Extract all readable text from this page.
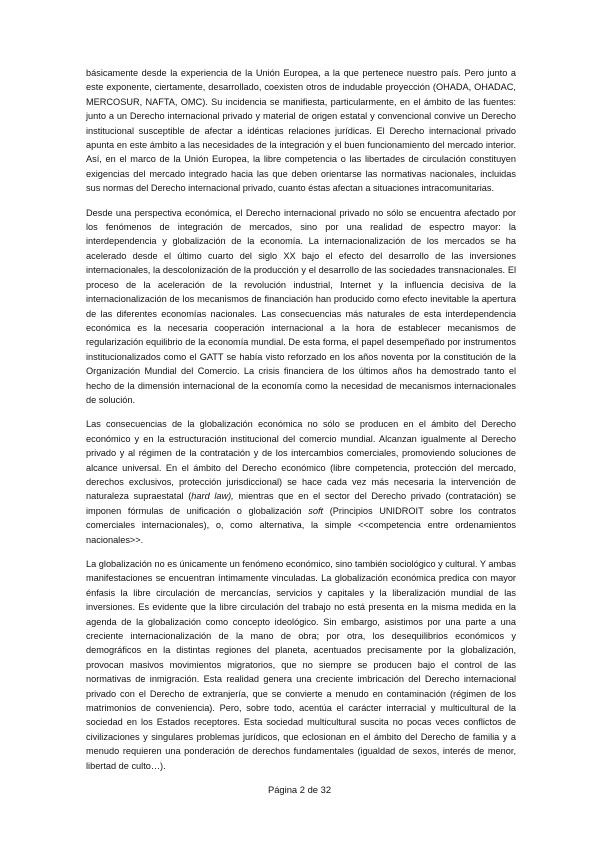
básicamente desde la experiencia de la Unión Europea, a la que pertenece nuestro país. Pero junto a este exponente, ciertamente, desarrollado, coexisten otros de indudable proyección (OHADA, OHADAC, MERCOSUR, NAFTA, OMC). Su incidencia se manifiesta, particularmente, en el ámbito de las fuentes: junto a un Derecho internacional privado y material de origen estatal y convencional convive un Derecho institucional susceptible de afectar a idénticas relaciones jurídicas. El Derecho internacional privado apunta en este ámbito a las necesidades de la integración y el buen funcionamiento del mercado interior. Así, en el marco de la Unión Europea, la libre competencia o las libertades de circulación constituyen exigencias del mercado integrado hacia las que deben orientarse las normativas nacionales, incluidas sus normas del Derecho internacional privado, cuanto éstas afectan a situaciones intracomunitarias.

Desde una perspectiva económica, el Derecho internacional privado no sólo se encuentra afectado por los fenómenos de integración de mercados, sino por una realidad de espectro mayor: la interdependencia y globalización de la economía. La internacionalización de los mercados se ha acelerado desde el último cuarto del siglo XX bajo el efecto del desarrollo de las inversiones internacionales, la descolonización de la producción y el desarrollo de las sociedades transnacionales. El proceso de la aceleración de la revolución industrial, Internet y la influencia decisiva de la internacionalización de los mecanismos de financiación han producido como efecto inevitable la apertura de las diferentes economías nacionales. Las consecuencias más naturales de esta interdependencia económica es la necesaria cooperación internacional a la hora de establecer mecanismos de regularización equilibrio de la economía mundial. De esta forma, el papel desempeñado por instrumentos institucionalizados como el GATT se había visto reforzado en los años noventa por la constitución de la Organización Mundial del Comercio. La crisis financiera de los últimos años ha demostrado tanto el hecho de la dimensión internacional de la economía como la necesidad de mecanismos internacionales de solución.

Las consecuencias de la globalización económica no sólo se producen en el ámbito del Derecho económico y en la estructuración institucional del comercio mundial. Alcanzan igualmente al Derecho privado y al régimen de la contratación y de los intercambios comerciales, promoviendo soluciones de alcance universal. En el ámbito del Derecho económico (libre competencia, protección del mercado, derechos exclusivos, protección jurisdiccional) se hace cada vez más necesaria la intervención de naturaleza supraestatal (hard law), mientras que en el sector del Derecho privado (contratación) se imponen fórmulas de unificación o globalización soft (Principios UNIDROIT sobre los contratos comerciales internacionales), o, como alternativa, la simple <<competencia entre ordenamientos nacionales>>.

La globalización no es únicamente un fenómeno económico, sino también sociológico y cultural. Y ambas manifestaciones se encuentran íntimamente vinculadas. La globalización económica predica con mayor énfasis la libre circulación de mercancías, servicios y capitales y la liberalización mundial de las inversiones. Es evidente que la libre circulación del trabajo no está presenta en la misma medida en la agenda de la globalización como concepto ideológico. Sin embargo, asistimos por una parte a una creciente internacionalización de la mano de obra; por otra, los desequilibrios económicos y demográficos en la distintas regiones del planeta, acentuados precisamente por la globalización, provocan masivos movimientos migratorios, que no siempre se producen bajo el control de las normativas de inmigración. Esta realidad genera una creciente imbricación del Derecho internacional privado con el Derecho de extranjería, que se convierte a menudo en contaminación (régimen de los matrimonios de conveniencia). Pero, sobre todo, acentúa el carácter interracial y multicultural de la sociedad en los Estados receptores. Esta sociedad multicultural suscita no pocas veces conflictos de civilizaciones y singulares problemas jurídicos, que eclosionan en el ámbito del Derecho de familia y a menudo requieren una ponderación de derechos fundamentales (igualdad de sexos, interés de menor, libertad de culto…).

Página 2 de 32
